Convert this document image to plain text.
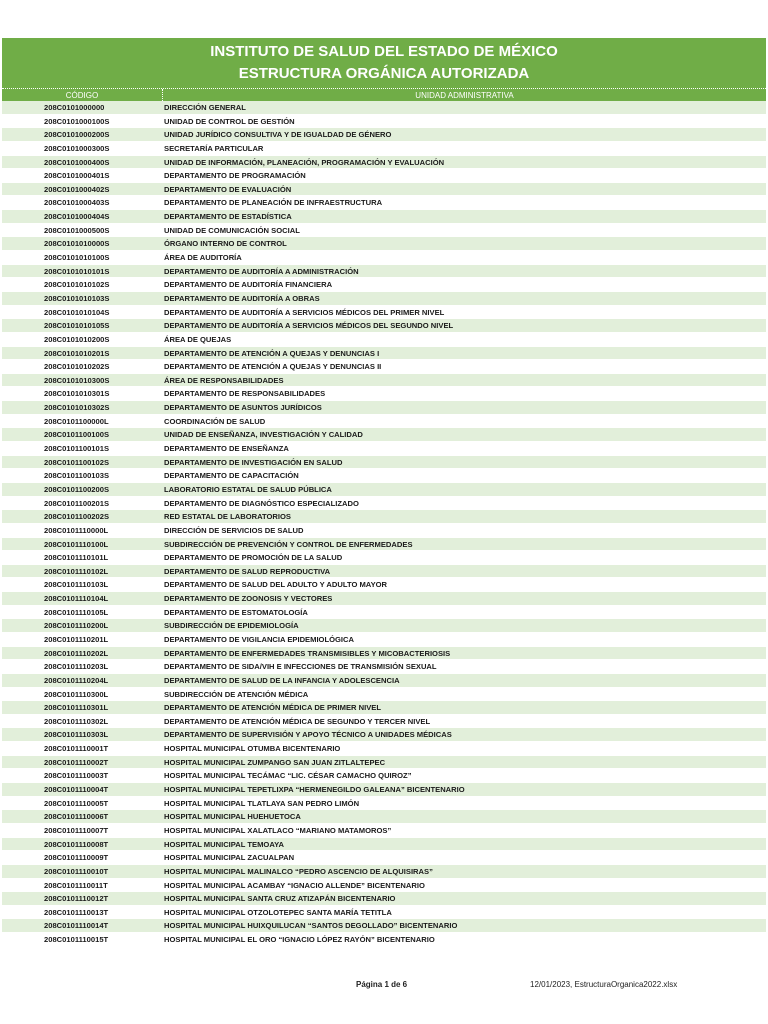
INSTITUTO DE SALUD DEL ESTADO DE MÉXICO
ESTRUCTURA ORGÁNICA AUTORIZADA
CÓDIGO	UNIDAD ADMINISTRATIVA
208C0101000000	DIRECCIÓN GENERAL
208C0101000100S	UNIDAD DE CONTROL DE GESTIÓN
208C0101000200S	UNIDAD JURÍDICO CONSULTIVA Y DE IGUALDAD DE GÉNERO
208C0101000300S	SECRETARÍA PARTICULAR
208C0101000400S	UNIDAD DE INFORMACIÓN, PLANEACIÓN, PROGRAMACIÓN Y EVALUACIÓN
208C0101000401S	DEPARTAMENTO DE PROGRAMACIÓN
208C0101000402S	DEPARTAMENTO DE EVALUACIÓN
208C0101000403S	DEPARTAMENTO DE PLANEACIÓN DE INFRAESTRUCTURA
208C0101000404S	DEPARTAMENTO DE ESTADÍSTICA
208C0101000500S	UNIDAD DE COMUNICACIÓN SOCIAL
208C0101010000S	ÓRGANO INTERNO DE CONTROL
208C0101010100S	ÁREA DE AUDITORÍA
208C0101010101S	DEPARTAMENTO DE AUDITORÍA A ADMINISTRACIÓN
208C0101010102S	DEPARTAMENTO DE AUDITORÍA FINANCIERA
208C0101010103S	DEPARTAMENTO DE AUDITORÍA A OBRAS
208C0101010104S	DEPARTAMENTO DE AUDITORÍA A SERVICIOS MÉDICOS DEL PRIMER NIVEL
208C0101010105S	DEPARTAMENTO DE AUDITORÍA A SERVICIOS MÉDICOS DEL SEGUNDO NIVEL
208C0101010200S	ÁREA DE QUEJAS
208C0101010201S	DEPARTAMENTO DE ATENCIÓN A QUEJAS Y DENUNCIAS I
208C0101010202S	DEPARTAMENTO DE ATENCIÓN A QUEJAS Y DENUNCIAS II
208C0101010300S	ÁREA DE RESPONSABILIDADES
208C0101010301S	DEPARTAMENTO DE RESPONSABILIDADES
208C0101010302S	DEPARTAMENTO DE ASUNTOS JURÍDICOS
208C0101100000L	COORDINACIÓN DE SALUD
208C0101100100S	UNIDAD DE ENSEÑANZA, INVESTIGACIÓN Y CALIDAD
208C0101100101S	DEPARTAMENTO DE ENSEÑANZA
208C0101100102S	DEPARTAMENTO DE INVESTIGACIÓN EN SALUD
208C0101100103S	DEPARTAMENTO DE CAPACITACIÓN
208C0101100200S	LABORATORIO ESTATAL DE SALUD PÚBLICA
208C0101100201S	DEPARTAMENTO DE DIAGNÓSTICO ESPECIALIZADO
208C0101100202S	RED ESTATAL DE LABORATORIOS
208C0101110000L	DIRECCIÓN DE SERVICIOS DE SALUD
208C0101110100L	SUBDIRECCIÓN DE PREVENCIÓN Y CONTROL DE ENFERMEDADES
208C0101110101L	DEPARTAMENTO DE PROMOCIÓN DE LA SALUD
208C0101110102L	DEPARTAMENTO DE SALUD REPRODUCTIVA
208C0101110103L	DEPARTAMENTO DE SALUD DEL ADULTO Y ADULTO MAYOR
208C0101110104L	DEPARTAMENTO DE ZOONOSIS Y VECTORES
208C0101110105L	DEPARTAMENTO DE ESTOMATOLOGÍA
208C0101110200L	SUBDIRECCIÓN DE EPIDEMIOLOGÍA
208C0101110201L	DEPARTAMENTO DE VIGILANCIA EPIDEMIOLÓGICA
208C0101110202L	DEPARTAMENTO DE ENFERMEDADES TRANSMISIBLES Y MICOBACTERIOSIS
208C0101110203L	DEPARTAMENTO DE SIDA/VIH E INFECCIONES DE TRANSMISIÓN SEXUAL
208C0101110204L	DEPARTAMENTO DE SALUD DE LA INFANCIA Y ADOLESCENCIA
208C0101110300L	SUBDIRECCIÓN DE ATENCIÓN MÉDICA
208C0101110301L	DEPARTAMENTO DE ATENCIÓN MÉDICA DE PRIMER NIVEL
208C0101110302L	DEPARTAMENTO DE ATENCIÓN MÉDICA DE SEGUNDO Y TERCER NIVEL
208C0101110303L	DEPARTAMENTO DE SUPERVISIÓN Y APOYO TÉCNICO A UNIDADES MÉDICAS
208C0101110001T	HOSPITAL MUNICIPAL OTUMBA BICENTENARIO
208C0101110002T	HOSPITAL MUNICIPAL ZUMPANGO SAN JUAN ZITLALTEPEC
208C0101110003T	HOSPITAL MUNICIPAL TECÁMAC “LIC. CÉSAR CAMACHO QUIROZ”
208C0101110004T	HOSPITAL MUNICIPAL TEPETLIXPA “HERMENEGILDO GALEANA” BICENTENARIO
208C0101110005T	HOSPITAL MUNICIPAL TLATLAYA SAN PEDRO LIMÓN
208C0101110006T	HOSPITAL MUNICIPAL HUEHUETOCA
208C0101110007T	HOSPITAL MUNICIPAL XALATLACO “MARIANO MATAMOROS”
208C0101110008T	HOSPITAL MUNICIPAL TEMOAYA
208C0101110009T	HOSPITAL MUNICIPAL ZACUALPAN
208C0101110010T	HOSPITAL MUNICIPAL MALINALCO “PEDRO ASCENCIO DE ALQUISIRAS”
208C0101110011T	HOSPITAL MUNICIPAL ACAMBAY “IGNACIO ALLENDE” BICENTENARIO
208C0101110012T	HOSPITAL MUNICIPAL SANTA CRUZ ATIZAPÁN BICENTENARIO
208C0101110013T	HOSPITAL MUNICIPAL OTZOLOTEPEC SANTA MARÍA TETITLA
208C0101110014T	HOSPITAL MUNICIPAL HUIXQUILUCAN “SANTOS DEGOLLADO” BICENTENARIO
208C0101110015T	HOSPITAL MUNICIPAL EL ORO “IGNACIO LÓPEZ RAYÓN” BICENTENARIO
Página 1 de 6	12/01/2023, EstructuraOrganica2022.xlsx
